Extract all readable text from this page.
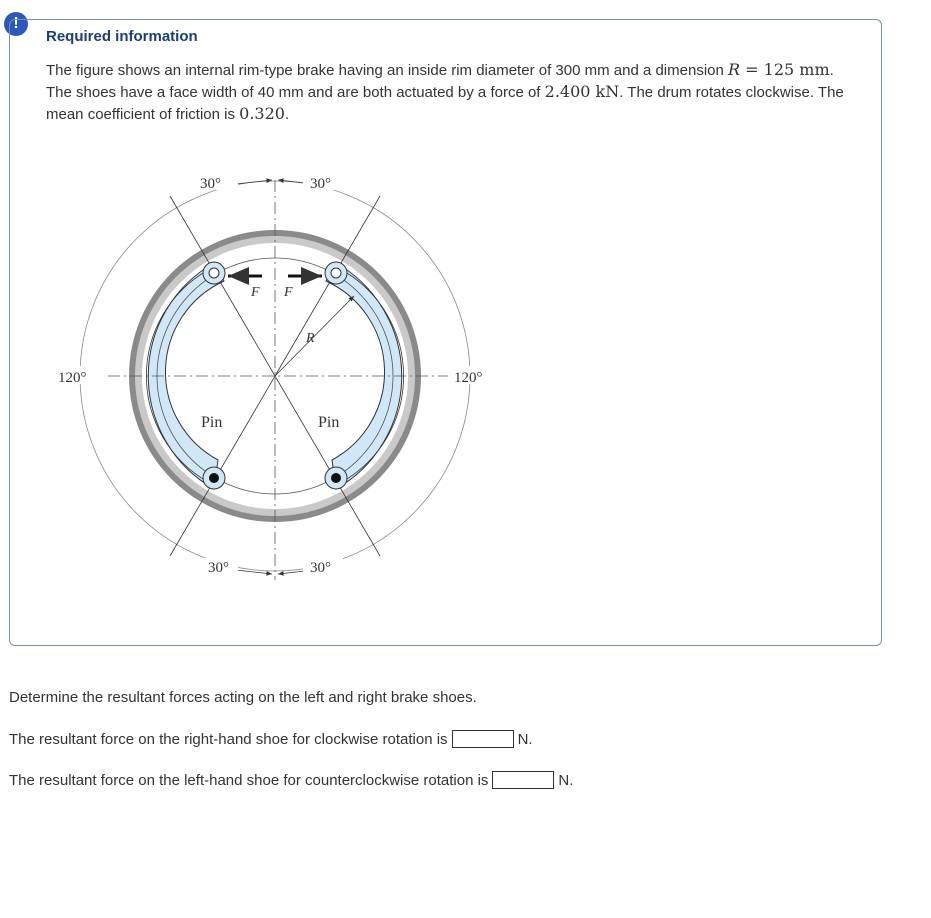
!
Required information
The figure shows an internal rim-type brake having an inside rim diameter of 300 mm and a dimension R = 125 mm. The shoes have a face width of 40 mm and are both actuated by a force of 2.400 kN. The drum rotates clockwise. The mean coefficient of friction is 0.320.
30°	30°
120°	120°
30°	30°
F F
R
Pin	Pin
Determine the resultant forces acting on the left and right brake shoes.
The resultant force on the right-hand shoe for clockwise rotation is	N.
The resultant force on the left-hand shoe for counterclockwise rotation is	N.
